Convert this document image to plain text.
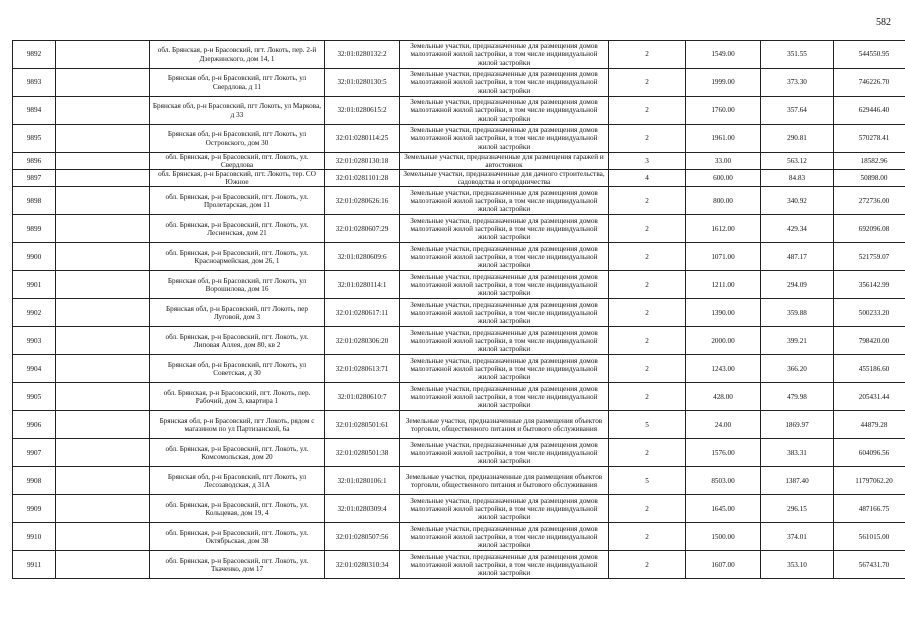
582
9892		обл. Брянская, р-н Брасовский, пгт. Локоть, пер. 2-й Дзержинского, дом 14, 1	32:01:0280132:2	Земельные участки, предназначенные для размещения домов малоэтажной жилой застройки, в том числе индивидуальной жилой застройки	2	1549.00	351.55	544550.95
9893		Брянская обл, р-н Брасовский, пгт Локоть, ул Свердлова, д 11	32:01:0280130:5	Земельные участки, предназначенные для размещения домов малоэтажной жилой застройки, в том числе индивидуальной жилой застройки	2	1999.00	373.30	746226.70
9894		Брянская обл, р-н Брасовский, пгт Локоть, ул Маркова, д 33	32:01:0280615:2	Земельные участки, предназначенные для размещения домов малоэтажной жилой застройки, в том числе индивидуальной жилой застройки	2	1760.00	357.64	629446.40
9895		Брянская обл, р-н Брасовский, пгт Локоть, ул Островского, дом 30	32:01:0280114:25	Земельные участки, предназначенные для размещения домов малоэтажной жилой застройки, в том числе индивидуальной жилой застройки	2	1961.00	290.81	570278.41
9896		обл. Брянская, р-н Брасовский, пгт. Локоть, ул. Свердлова	32:01:0280130:18	Земельные участки, предназначенные для размещения гаражей и автостоянок	3	33.00	563.12	18582.96
9897		обл. Брянская, р-н Брасовский, пгт. Локоть, тер. СО Южное	32:01:0281101:28	Земельные участки, предназначенные для дачного строительства, садоводства и огородничества	4	600.00	84.83	50898.00
9898		обл. Брянская, р-н Брасовский, пгт. Локоть, ул. Пролетарская, дом 11	32:01:0280626:16	Земельные участки, предназначенные для размещения домов малоэтажной жилой застройки, в том числе индивидуальной жилой застройки	2	800.00	340.92	272736.00
9899		обл. Брянская, р-н Брасовский, пгт. Локоть, ул. Лесненская, дом 21	32:01:0280607:29	Земельные участки, предназначенные для размещения домов малоэтажной жилой застройки, в том числе индивидуальной жилой застройки	2	1612.00	429.34	692096.08
9900		обл. Брянская, р-н Брасовский, пгт. Локоть, ул. Красноармейская, дом 26, 1	32:01:0280609:6	Земельные участки, предназначенные для размещения домов малоэтажной жилой застройки, в том числе индивидуальной жилой застройки	2	1071.00	487.17	521759.07
9901		Брянская обл, р-н Брасовский, пгт Локоть, ул Ворошилова, дом 16	32:01:0280114:1	Земельные участки, предназначенные для размещения домов малоэтажной жилой застройки, в том числе индивидуальной жилой застройки	2	1211.00	294.09	356142.99
9902		Брянская обл, р-н Брасовский, пгт Локоть, пер Луговой, дом 3	32:01:0280617:11	Земельные участки, предназначенные для размещения домов малоэтажной жилой застройки, в том числе индивидуальной жилой застройки	2	1390.00	359.88	500233.20
9903		обл. Брянская, р-н Брасовский, пгт. Локоть, ул. Липовая Аллея, дом 80, кв 2	32:01:0280306:20	Земельные участки, предназначенные для размещения домов малоэтажной жилой застройки, в том числе индивидуальной жилой застройки	2	2000.00	399.21	798420.00
9904		Брянская обл, р-н Брасовский, пгт Локоть, ул Советская, д 30	32:01:0280613:71	Земельные участки, предназначенные для размещения домов малоэтажной жилой застройки, в том числе индивидуальной жилой застройки	2	1243.00	366.20	455186.60
9905		обл. Брянская, р-н Брасовский, пгт. Локоть, пер. Рабочий, дом 3, квартира 1	32:01:0280610:7	Земельные участки, предназначенные для размещения домов малоэтажной жилой застройки, в том числе индивидуальной жилой застройки	2	428.00	479.98	205431.44
9906		Брянская обл, р-н Брасовский, пгт Локоть, рядом с магазином по ул Партизанской, 6а	32:01:0280501:61	Земельные участки, предназначенные для размещения объектов торговли, общественного питания и бытового обслуживания	5	24.00	1869.97	44879.28
9907		обл. Брянская, р-н Брасовский, пгт. Локоть, ул. Комсомольская, дом 20	32:01:0280501:38	Земельные участки, предназначенные для размещения домов малоэтажной жилой застройки, в том числе индивидуальной жилой застройки	2	1576.00	383.31	604096.56
9908		Брянская обл, р-н Брасовский, пгт Локоть, ул Лесозаводская, д 31А	32:01:0280106:1	Земельные участки, предназначенные для размещения объектов торговли, общественного питания и бытового обслуживания	5	8503.00	1387.40	11797062.20
9909		обл. Брянская, р-н Брасовский, пгт. Локоть, ул. Кольцевая, дом 19, 4	32:01:0280309:4	Земельные участки, предназначенные для размещения домов малоэтажной жилой застройки, в том числе индивидуальной жилой застройки	2	1645.00	296.15	487166.75
9910		обл. Брянская, р-н Брасовский, пгт. Локоть, ул. Октябрьская, дом 38	32:01:0280507:56	Земельные участки, предназначенные для размещения домов малоэтажной жилой застройки, в том числе индивидуальной жилой застройки	2	1500.00	374.01	561015.00
9911		обл. Брянская, р-н Брасовский, пгт. Локоть, ул. Ткаченко, дом 17	32:01:0280310:34	Земельные участки, предназначенные для размещения домов малоэтажной жилой застройки, в том числе индивидуальной жилой застройки	2	1607.00	353.10	567431.70
